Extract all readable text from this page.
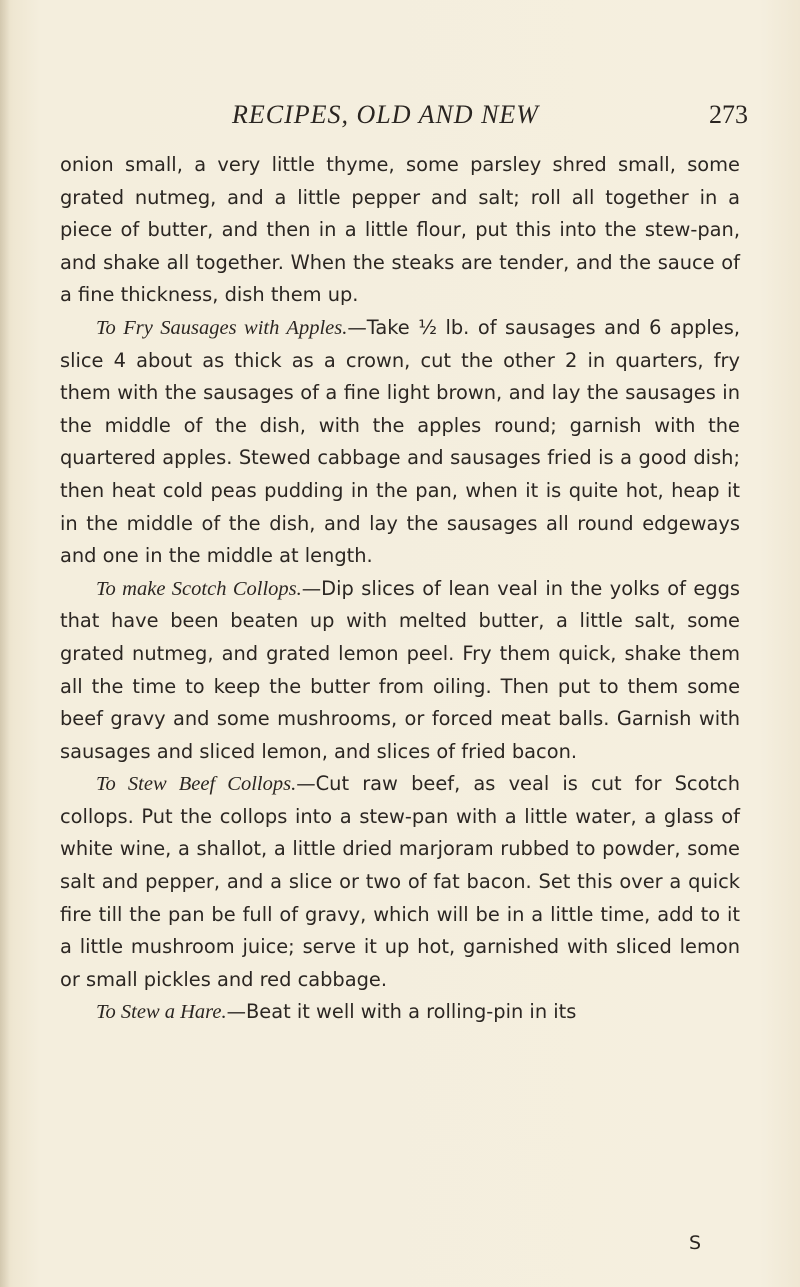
RECIPES, OLD AND NEW	273

onion small, a very little thyme, some parsley shred small, some grated nutmeg, and a little pepper and salt; roll all together in a piece of butter, and then in a little flour, put this into the stew-pan, and shake all together. When the steaks are tender, and the sauce of a fine thickness, dish them up.

To Fry Sausages with Apples.—Take ½ lb. of sausages and 6 apples, slice 4 about as thick as a crown, cut the other 2 in quarters, fry them with the sausages of a fine light brown, and lay the sausages in the middle of the dish, with the apples round; garnish with the quartered apples. Stewed cabbage and sausages fried is a good dish; then heat cold peas pudding in the pan, when it is quite hot, heap it in the middle of the dish, and lay the sausages all round edgeways and one in the middle at length.

To make Scotch Collops.—Dip slices of lean veal in the yolks of eggs that have been beaten up with melted butter, a little salt, some grated nutmeg, and grated lemon peel. Fry them quick, shake them all the time to keep the butter from oiling. Then put to them some beef gravy and some mushrooms, or forced meat balls. Garnish with sausages and sliced lemon, and slices of fried bacon.

To Stew Beef Collops.—Cut raw beef, as veal is cut for Scotch collops. Put the collops into a stew-pan with a little water, a glass of white wine, a shallot, a little dried marjoram rubbed to powder, some salt and pepper, and a slice or two of fat bacon. Set this over a quick fire till the pan be full of gravy, which will be in a little time, add to it a little mushroom juice; serve it up hot, garnished with sliced lemon or small pickles and red cabbage.

To Stew a Hare.—Beat it well with a rolling-pin in its

S
